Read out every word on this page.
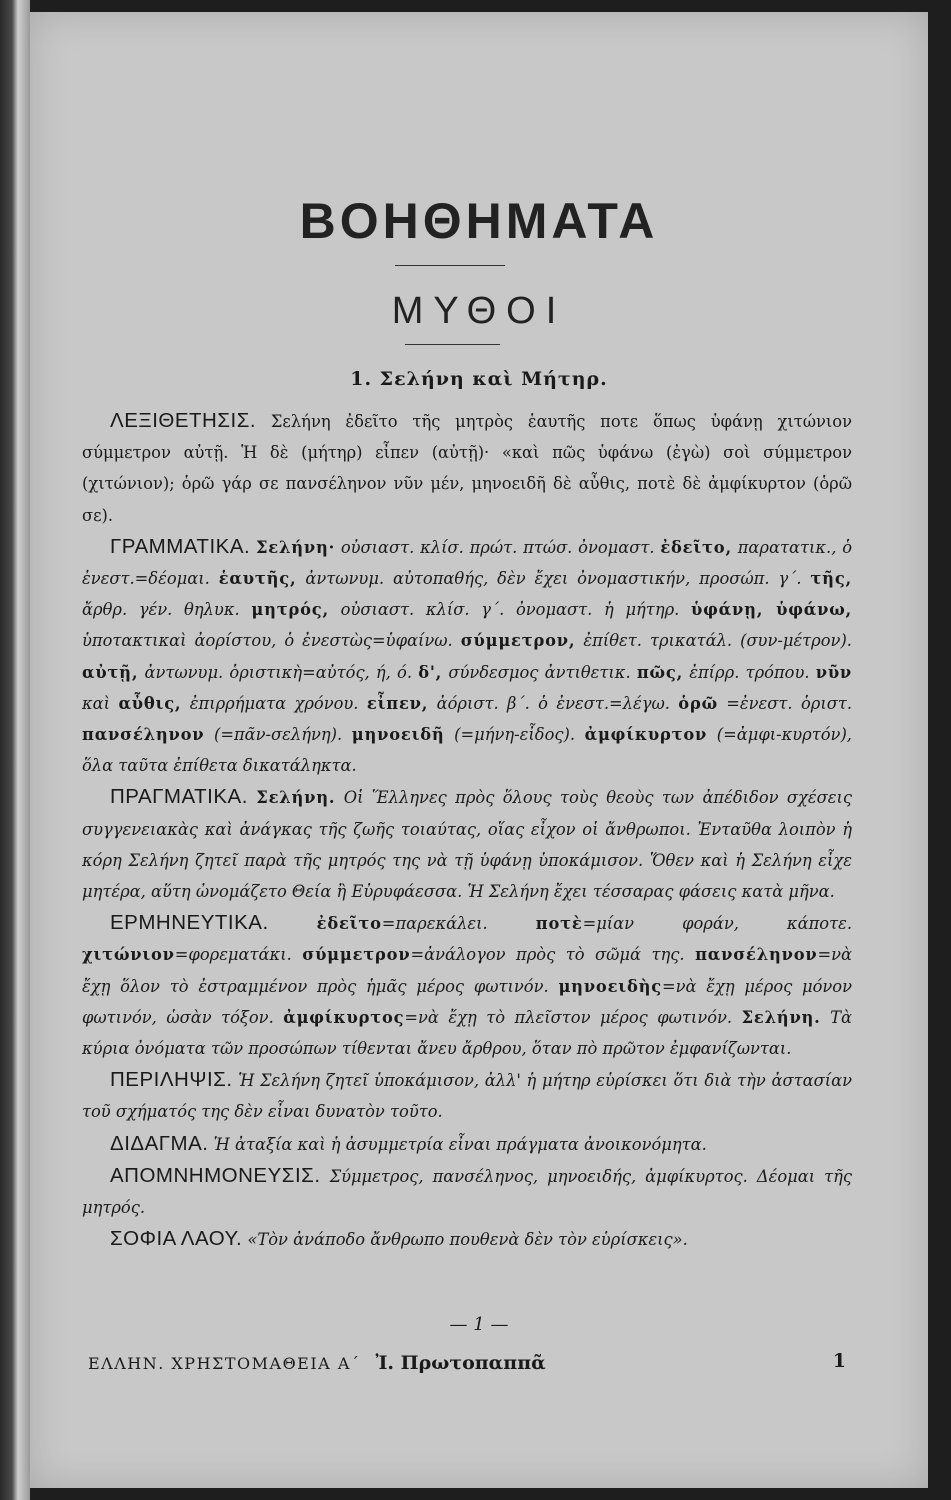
ΒΟΗΘΗΜΑΤΑ
ΜΥΘΟΙ
1. Σελήνη καὶ Μήτηρ.

ΛΕΞΙΘΕΤΗΣΙΣ. Σελήνη ἐδεῖτο τῆς μητρὸς ἑαυτῆς ποτε ὅπως ὑφάνῃ χιτώνιον σύμμετρον αὐτῇ. Ἡ δὲ (μήτηρ) εἶπεν (αὐτῇ)· «καὶ πῶς ὑφάνω (ἐγὼ) σοὶ σύμμετρον (χιτώνιον); ὁρῶ γάρ σε πανσέληνον νῦν μέν, μηνοειδῆ δὲ αὖθις, ποτὲ δὲ ἀμφίκυρτον (ὁρῶ σε).

ΓΡΑΜΜΑΤΙΚΑ. Σελήνη· οὐσιαστ. κλίσ. πρώτ. πτώσ. ὀνομαστ. ἐδεῖτο, παρατατικ., ὁ ἐνεστ.=δέομαι. ἑαυτῆς, ἀντωνυμ. αὐτοπαθής, δὲν ἔχει ὀνομαστικήν, προσώπ. γ΄. τῆς, ἄρθρ. γέν. θηλυκ. μητρός, οὐσιαστ. κλίσ. γ΄. ὀνομαστ. ἡ μήτηρ. ὑφάνῃ, ὑφάνω, ὑποτακτικαὶ ἀορίστου, ὁ ἐνεστὼς=ὑφαίνω. σύμμετρον, ἐπίθετ. τρικατάλ. (συν-μέτρον). αὐτῇ, ἀντωνυμ. ὁριστικὴ=αὐτός, ή, ό. δ', σύνδεσμος ἀντιθετικ. πῶς, ἐπίρρ. τρόπου. νῦν καὶ αὖθις, ἐπιρρήματα χρόνου. εἶπεν, ἀόριστ. β΄. ὁ ἐνεστ.=λέγω. ὁρῶ =ἐνεστ. ὁριστ. πανσέληνον (=πᾶν-σελήνη). μηνοειδῆ (=μήνη-εἶδος). ἀμφίκυρτον (=ἀμφι-κυρτόν), ὅλα ταῦτα ἐπίθετα δικατάληκτα.

ΠΡΑΓΜΑΤΙΚΑ. Σελήνη. Οἱ Ἕλληνες πρὸς ὅλους τοὺς θεοὺς των ἀπέδιδον σχέσεις συγγενειακὰς καὶ ἀνάγκας τῆς ζωῆς τοιαύτας, οἵας εἶχον οἱ ἄνθρωποι. Ἐνταῦθα λοιπὸν ἡ κόρη Σελήνη ζητεῖ παρὰ τῆς μητρός της νὰ τῇ ὑφάνῃ ὑποκάμισον. Ὅθεν καὶ ἡ Σελήνη εἶχε μητέρα, αὕτη ὠνομάζετο Θεία ἢ Εὐρυφάεσσα. Ἡ Σελήνη ἔχει τέσσαρας φάσεις κατὰ μῆνα.

ΕΡΜΗΝΕΥΤΙΚΑ.	ἐδεῖτο=παρεκάλει. ποτὲ=μίαν φοράν, κάποτε. χιτώνιον=φορεματάκι. σύμμετρον=ἀνάλογον πρὸς τὸ σῶμά της. πανσέληνον=νὰ ἔχῃ ὅλον τὸ ἐστραμμένον πρὸς ἡμᾶς μέρος φωτινόν. μηνοειδὴς=νὰ ἔχῃ μέρος μόνον φωτινόν, ὡσὰν τόξον. ἀμφίκυρτος=νὰ ἔχῃ τὸ πλεῖστον μέρος φωτινόν. Σελήνη. Τὰ κύρια ὀνόματα τῶν προσώπων τίθενται ἄνευ ἄρθρου, ὅταν πὸ πρῶτον ἐμφανίζωνται.

ΠΕΡΙΛΗΨΙΣ. Ἡ Σελήνη ζητεῖ ὑποκάμισον, ἀλλ' ἡ μήτηρ εὑρίσκει ὅτι διὰ τὴν ἀστασίαν τοῦ σχήματός της δὲν εἶναι δυνατὸν τοῦτο.

ΔΙΔΑΓΜΑ. Ἡ ἀταξία καὶ ἡ ἀσυμμετρία εἶναι πράγματα ἀνοικονόμητα.

ΑΠΟΜΝΗΜΟΝΕΥΣΙΣ. Σύμμετρος, πανσέληνος, μηνοειδής, ἀμφίκυρτος. Δέομαι τῆς μητρός.

ΣΟΦΙΑ ΛΑΟΥ. «Τὸν ἀνάποδο ἄνθρωπο πουθενὰ δὲν τὸν εὑρίσκεις».

— 1 —
ΕΛΛΗΝ. ΧΡΗΣΤΟΜΑΘΕΙΑ Α΄ Ἰ. Πρωτοπαππᾶ	1
